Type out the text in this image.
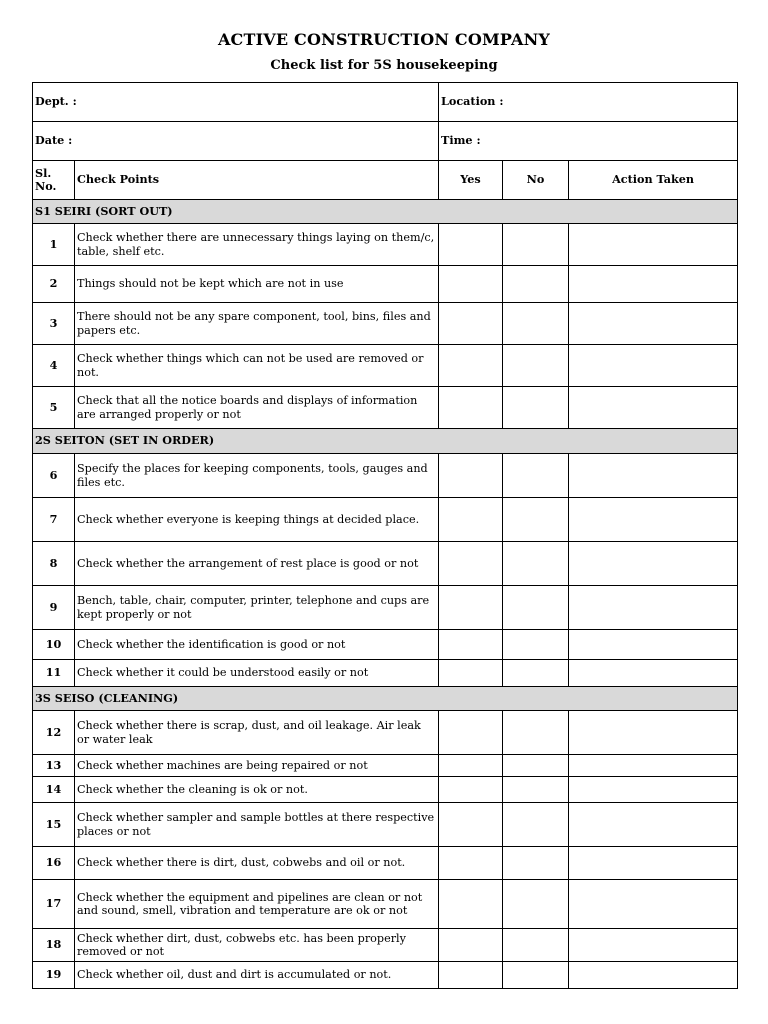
ACTIVE CONSTRUCTION COMPANY
Check list for 5S housekeeping
Dept. :		Location :		
Date :		Time :		
Sl. No.	Check Points	Yes	No	Action Taken
S1 SEIRI (SORT OUT)				
1	Check whether there are unnecessary things laying on them/c, table, shelf etc.			
2	Things should not be kept which are not in use			
3	There should not be any spare component, tool, bins, files and papers etc.			
4	Check whether things which can not be used are removed or not.			
5	Check that all the notice boards and displays of information are arranged properly or not			
2S SEITON (SET IN ORDER)				
6	Specify the places for keeping components, tools, gauges and files etc.			
7	Check whether everyone is keeping things at decided place.			
8	Check whether the arrangement of rest place is good or not			
9	Bench, table, chair, computer, printer, telephone and cups are kept properly or not			
10	Check whether the identification is good or not			
11	Check whether it could be understood easily or not			
3S SEISO (CLEANING)				
12	Check whether there is scrap, dust, and oil leakage. Air leak or water leak			
13	Check whether machines are being repaired or not			
14	Check whether the cleaning is ok or not.			
15	Check whether sampler and sample bottles at there respective places or not			
16	Check whether there is dirt, dust, cobwebs and oil or not.			
17	Check whether the equipment and pipelines are clean or not and sound, smell, vibration and temperature are ok or not			
18	Check whether dirt, dust, cobwebs etc. has been properly removed or not			
19	Check whether oil, dust and dirt is accumulated or not.			
